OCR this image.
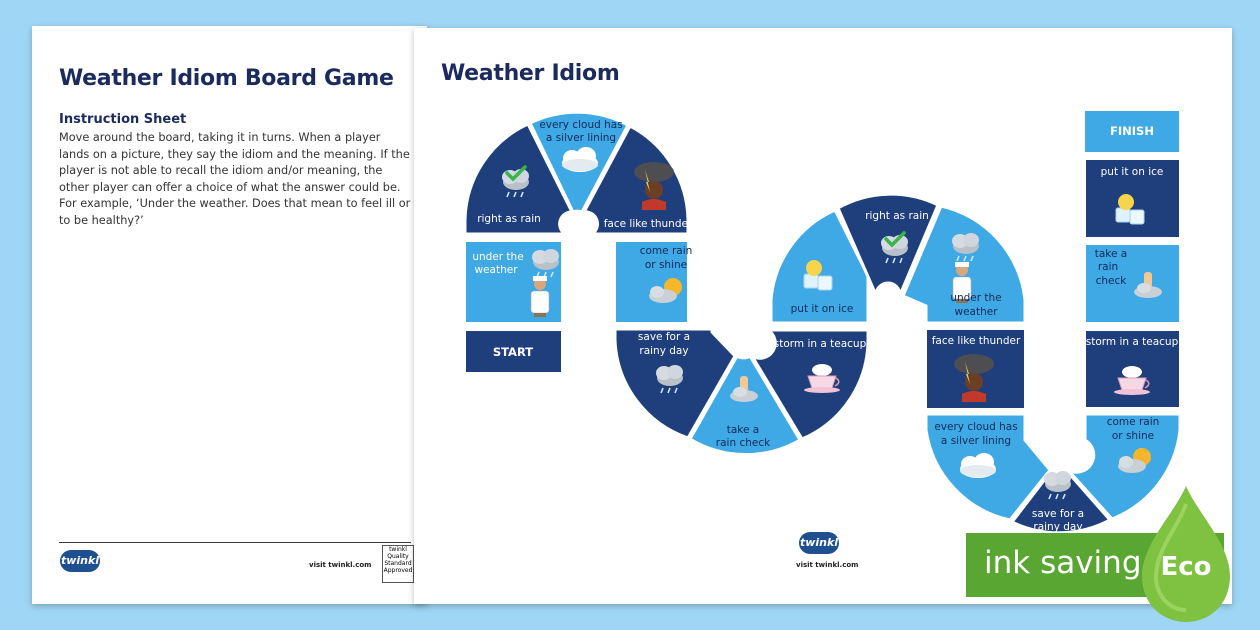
Weather Idiom Board Game
Instruction Sheet
Move around the board, taking it in turns. When a player lands on a picture, they say the idiom and the meaning. If the player is not able to recall the idiom and/or meaning, the other player can offer a choice of what the answer could be. For example, ‘Under the weather. Does that mean to feel ill or to be healthy?’
twinkl	visit twinkl.com
twinkl Quality Standard Approved
Weather Idiom
twinkl
visit twinkl.com
START
FINISH
under the
weather
right as rain
every cloud has
a silver lining
face like thunder
come rain
or shine
save for a
rainy day
take a
rain check
storm in a teacup
put it on ice
right as rain
under the
weather
face like thunder
every cloud has
a silver lining
save for a
rainy day
come rain
or shine
storm in a teacup
take a
rain
check
put it on ice
ink saving Eco
